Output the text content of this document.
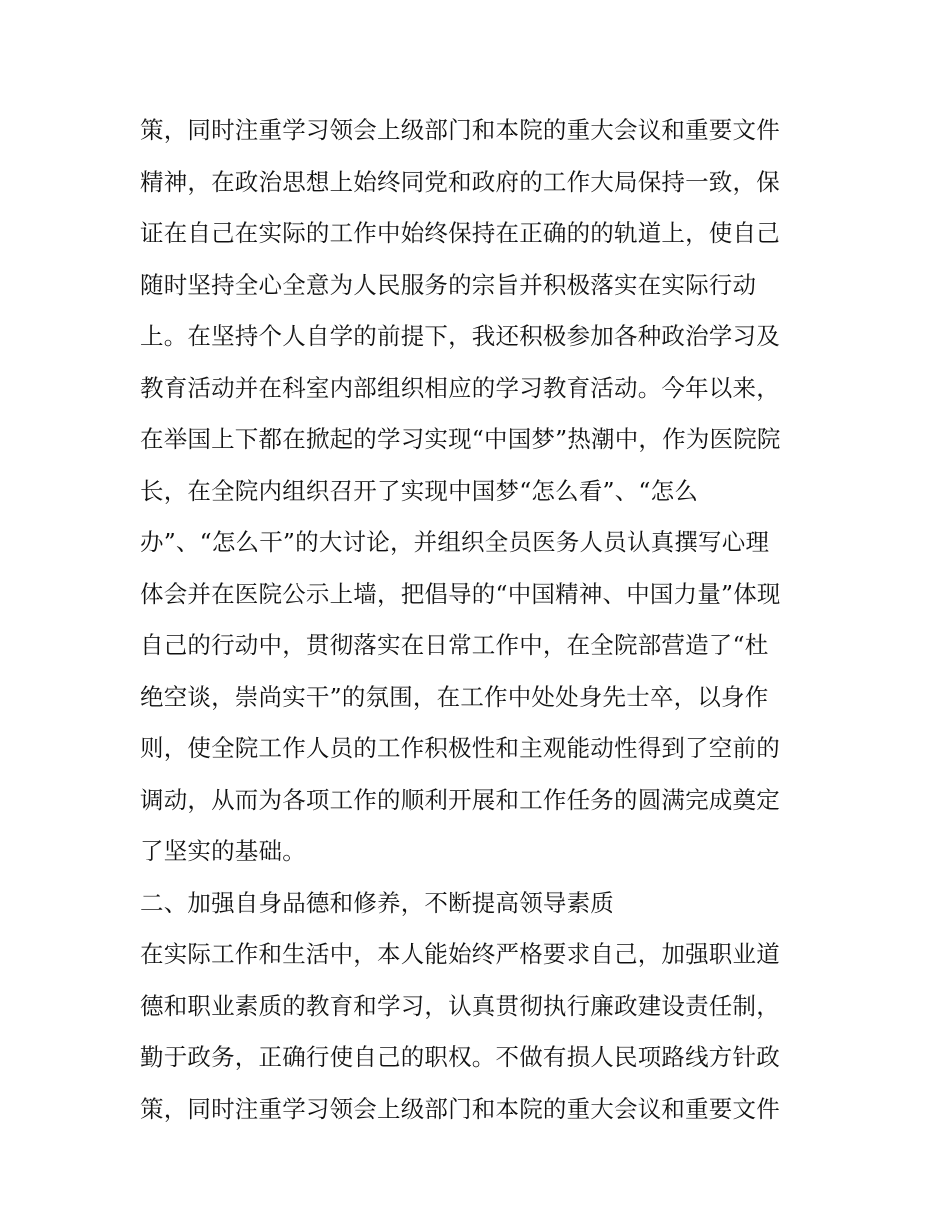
策，同时注重学习领会上级部门和本院的重大会议和重要文件
精神，在政治思想上始终同党和政府的工作大局保持一致，保
证在自己在实际的工作中始终保持在正确的的轨道上，使自己
随时坚持全心全意为人民服务的宗旨并积极落实在实际行动
上。在坚持个人自学的前提下，我还积极参加各种政治学习及
教育活动并在科室内部组织相应的学习教育活动。今年以来，
在举国上下都在掀起的学习实现“中国梦”热潮中，作为医院院
长，在全院内组织召开了实现中国梦“怎么看”、“怎么
办”、“怎么干”的大讨论，并组织全员医务人员认真撰写心理
体会并在医院公示上墙，把倡导的“中国精神、中国力量”体现
自己的行动中，贯彻落实在日常工作中，在全院部营造了“杜
绝空谈，崇尚实干”的氛围，在工作中处处身先士卒，以身作
则，使全院工作人员的工作积极性和主观能动性得到了空前的
调动，从而为各项工作的顺利开展和工作任务的圆满完成奠定
了坚实的基础。
二、加强自身品德和修养，不断提高领导素质
在实际工作和生活中，本人能始终严格要求自己，加强职业道
德和职业素质的教育和学习，认真贯彻执行廉政建设责任制，
勤于政务，正确行使自己的职权。不做有损人民项路线方针政
策，同时注重学习领会上级部门和本院的重大会议和重要文件
